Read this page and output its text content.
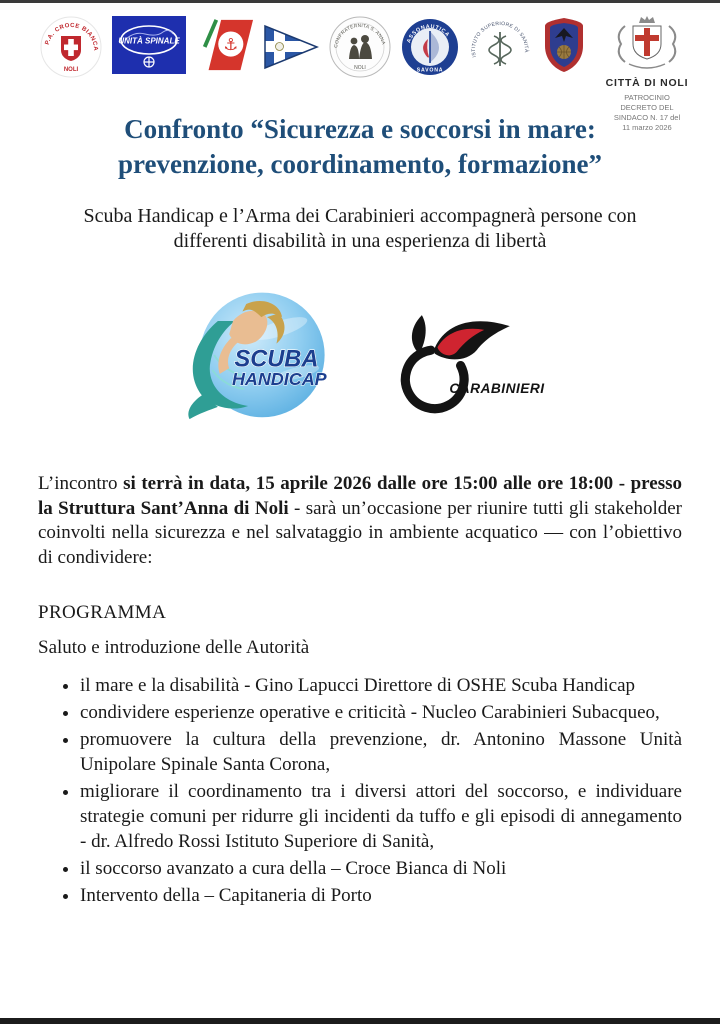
P.A. CROCE BIANCA
NOLI
UNITÀ SPINALE	⚓	CONFRATERNITA S. ANNA
NOLI
ASSONAUTICA
SAVONA
ISTITUTO SUPERIORE DI SANITÀ
CITTÀ DI NOLI
PATROCINIO
DECRETO DEL
SINDACO N. 17 del
11 marzo 2026
Confronto “Sicurezza e soccorsi in mare:
prevenzione, coordinamento, formazione”

Scuba Handicap e l’Arma dei Carabinieri accompagnerà persone con differenti disabilità in una esperienza di libertà

SCUBA
HANDICAP	CARABINIERI

L’incontro si terrà in data, 15 aprile 2026 dalle ore 15:00 alle ore 18:00 - presso la Struttura Sant’Anna di Noli - sarà un’occasione per riunire tutti gli stakeholder coinvolti nella sicurezza e nel salvataggio in ambiente acquatico — con l’obiettivo di condividere:

PROGRAMMA

Saluto e introduzione delle Autorità

• il mare e la disabilità - Gino Lapucci Direttore di OSHE Scuba Handicap
• condividere esperienze operative e criticità - Nucleo Carabinieri Subacqueo,
• promuovere la cultura della prevenzione, dr. Antonino Massone Unità Unipolare Spinale Santa Corona,
• migliorare il coordinamento tra i diversi attori del soccorso, e individuare strategie comuni per ridurre gli incidenti da tuffo e gli episodi di annegamento - dr. Alfredo Rossi Istituto Superiore di Sanità,
• il soccorso avanzato a cura della – Croce Bianca di Noli
• Intervento della – Capitaneria di Porto
